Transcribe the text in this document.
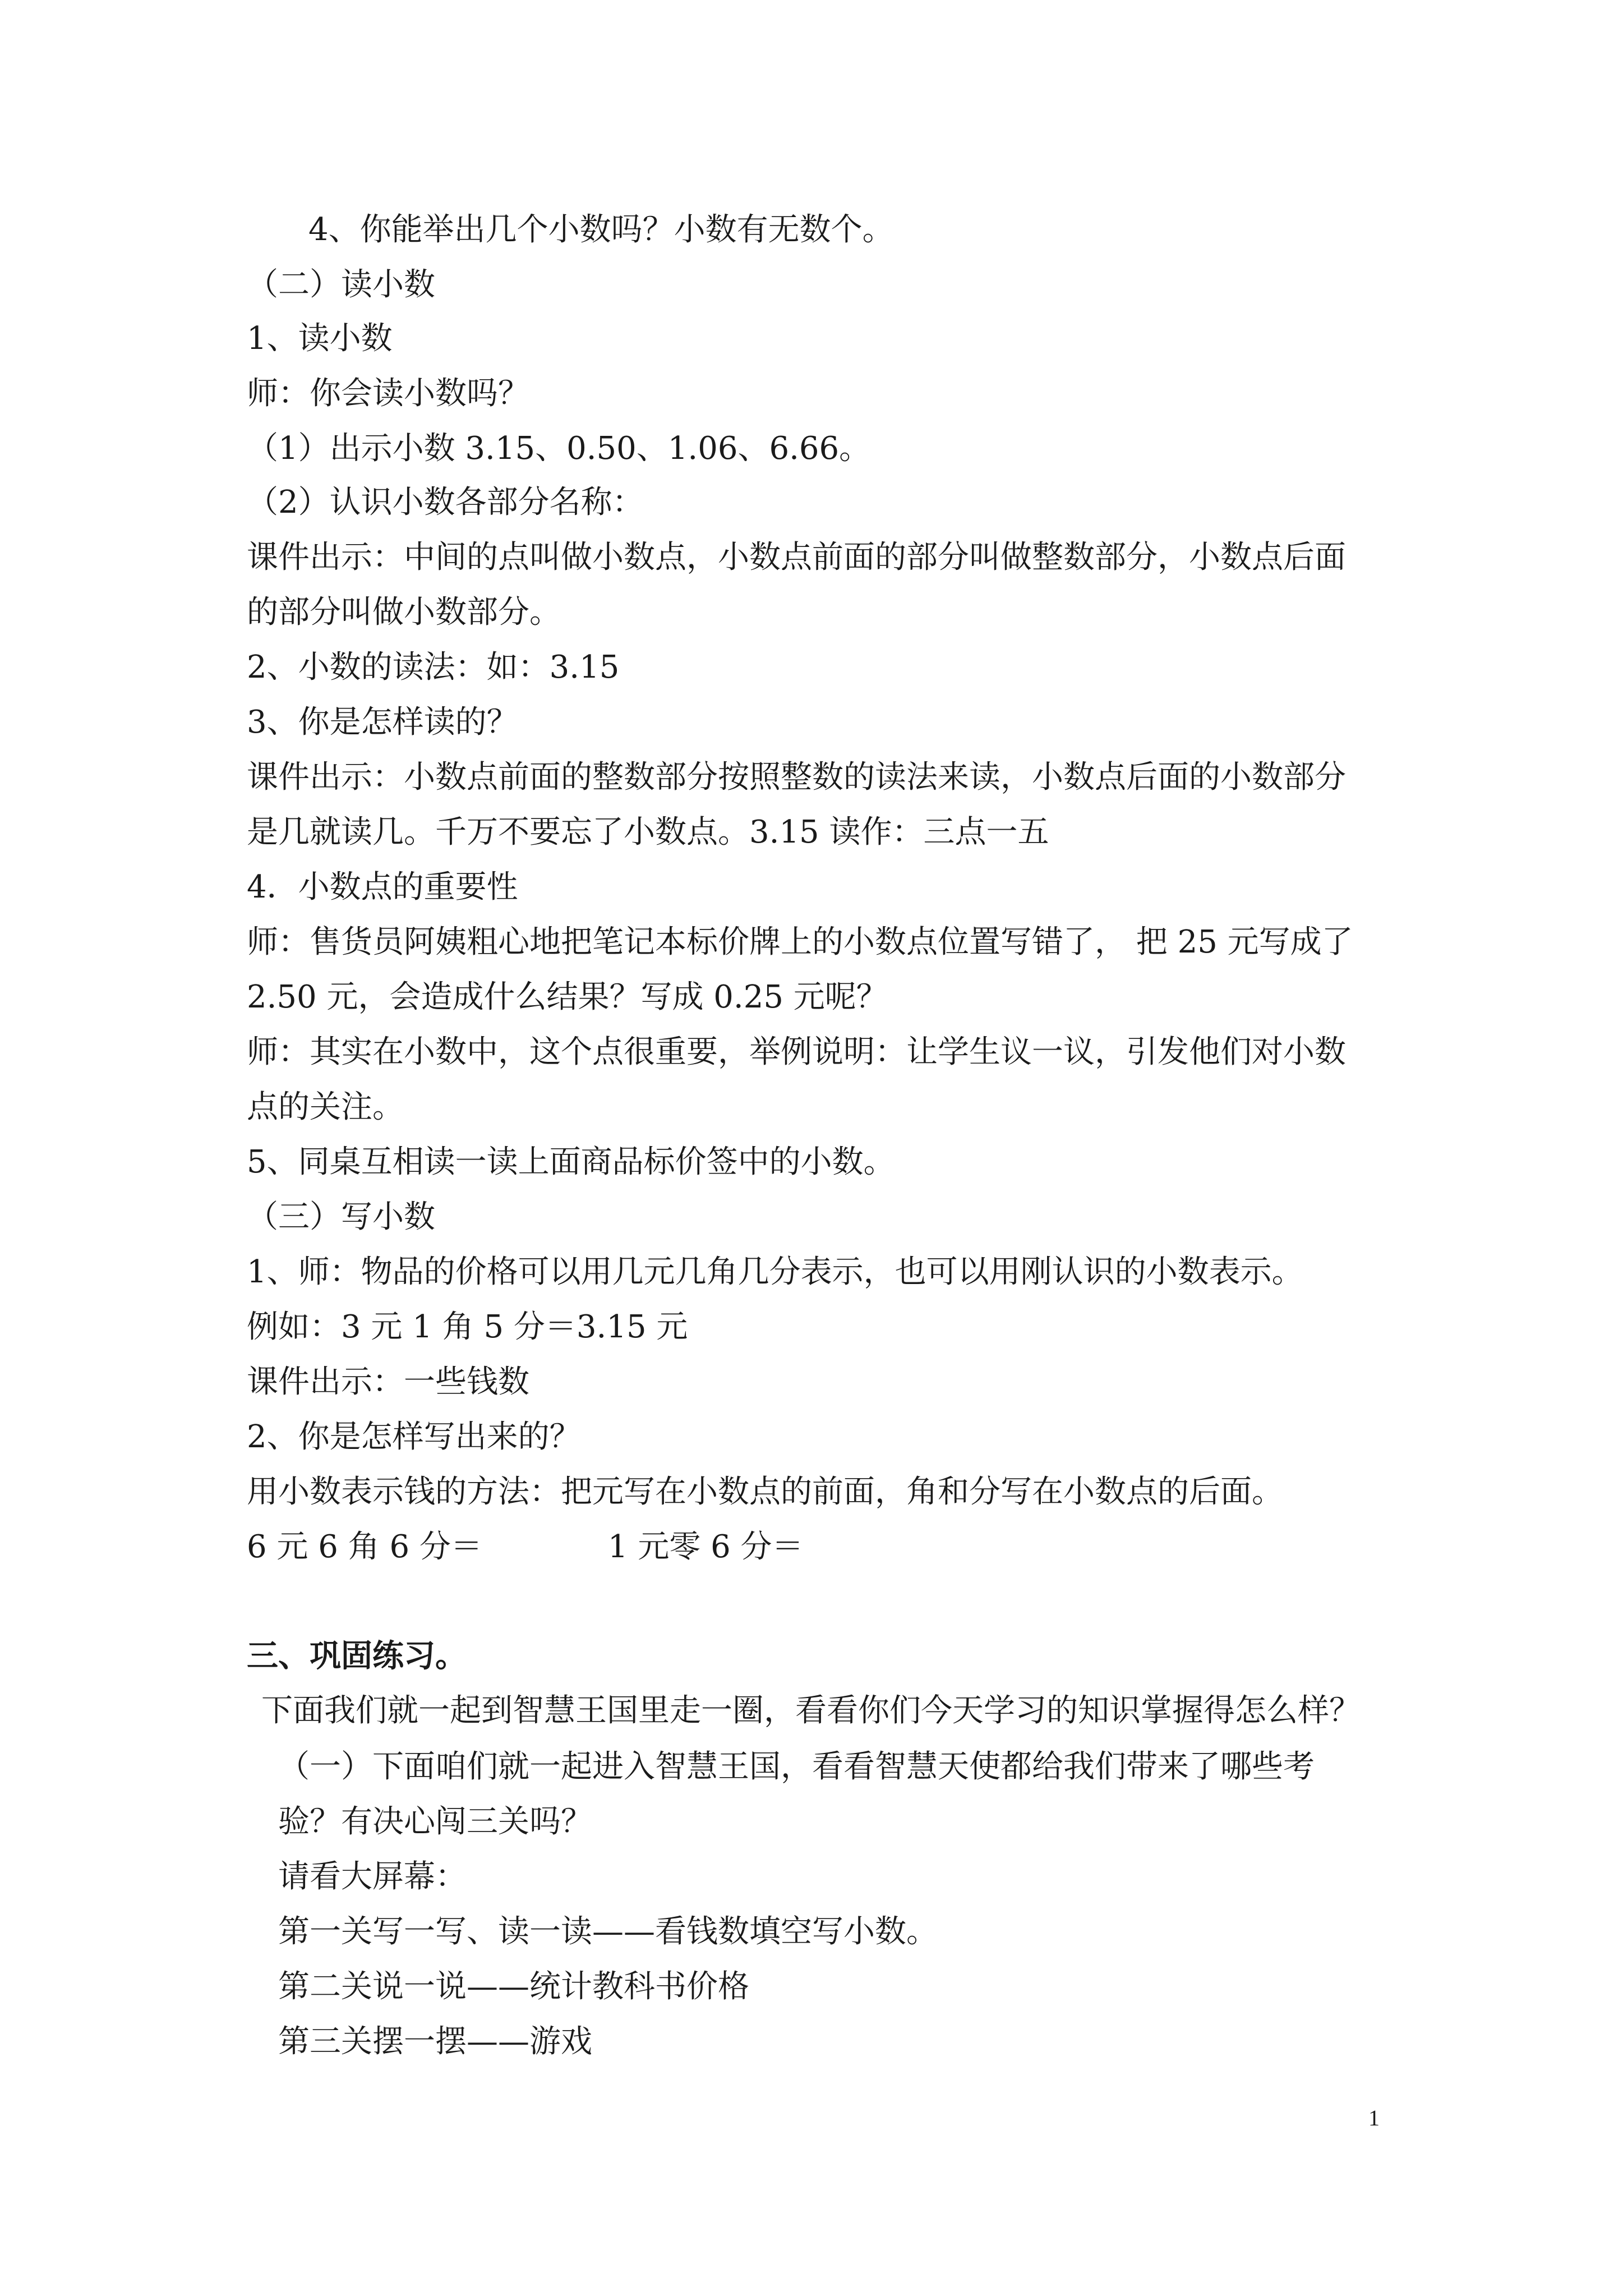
4、你能举出几个小数吗？小数有无数个。
（二）读小数
1、读小数
师：你会读小数吗？
（1）出示小数 3.15、0.50、1.06、6.66。
（2）认识小数各部分名称：
课件出示：中间的点叫做小数点，小数点前面的部分叫做整数部分，小数点后面
的部分叫做小数部分。
2、小数的读法：如：3.15
3、你是怎样读的？
课件出示：小数点前面的整数部分按照整数的读法来读，小数点后面的小数部分
是几就读几。千万不要忘了小数点。3.15 读作：三点一五
4．小数点的重要性
师：售货员阿姨粗心地把笔记本标价牌上的小数点位置写错了， 把 25 元写成了
2.50 元，会造成什么结果？写成 0.25 元呢？
师：其实在小数中，这个点很重要，举例说明：让学生议一议，引发他们对小数
点的关注。
5、同桌互相读一读上面商品标价签中的小数。
（三）写小数
1、师：物品的价格可以用几元几角几分表示，也可以用刚认识的小数表示。
例如：3 元 1 角 5 分＝3.15 元
课件出示：一些钱数
2、你是怎样写出来的？
用小数表示钱的方法：把元写在小数点的前面，角和分写在小数点的后面。
6 元 6 角 6 分＝　　　　1 元零 6 分＝
三、巩固练习。
下面我们就一起到智慧王国里走一圈，看看你们今天学习的知识掌握得怎么样？
（一）下面咱们就一起进入智慧王国，看看智慧天使都给我们带来了哪些考
验？有决心闯三关吗？
请看大屏幕：
第一关写一写、读一读——看钱数填空写小数。
第二关说一说——统计教科书价格
第三关摆一摆——游戏
1
